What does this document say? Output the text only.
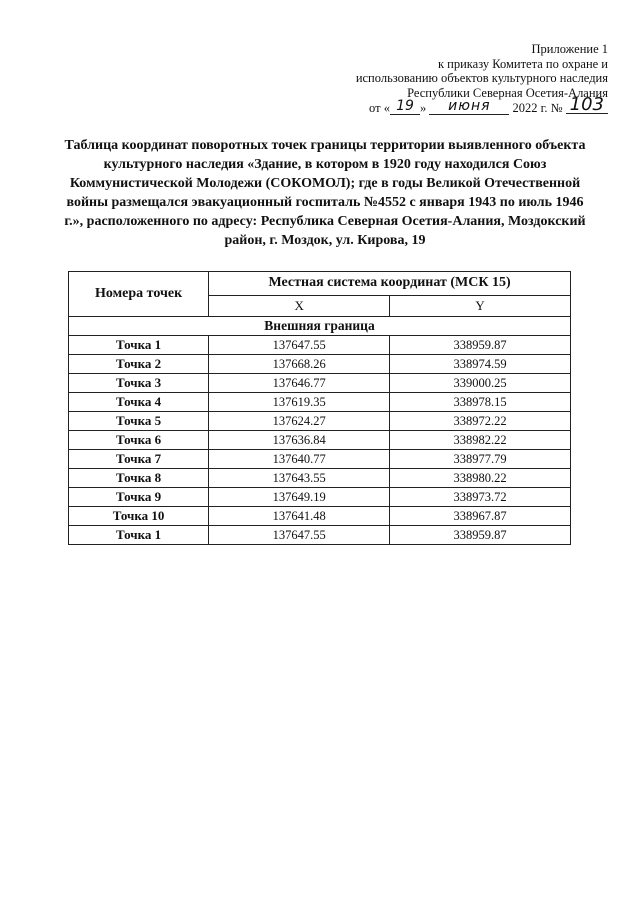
Приложение 1
к приказу Комитета по охране и
использованию объектов культурного наследия
Республики Северная Осетия-Алания
от « 19 » июня 2022 г. № 103
Таблица координат поворотных точек границы территории выявленного объекта культурного наследия «Здание, в котором в 1920 году находился Союз Коммунистической Молодежи (СОКОМОЛ); где в годы Великой Отечественной войны размещался эвакуационный госпиталь №4552 с января 1943 по июль 1946 г.», расположенного по адресу: Республика Северная Осетия-Алания, Моздокский район, г. Моздок, ул. Кирова, 19
Номера точек	Местная система координат (МСК 15)	
	X	Y
Внешняя граница		
Точка 1	137647.55	338959.87
Точка 2	137668.26	338974.59
Точка 3	137646.77	339000.25
Точка 4	137619.35	338978.15
Точка 5	137624.27	338972.22
Точка 6	137636.84	338982.22
Точка 7	137640.77	338977.79
Точка 8	137643.55	338980.22
Точка 9	137649.19	338973.72
Точка 10	137641.48	338967.87
Точка 1	137647.55	338959.87
